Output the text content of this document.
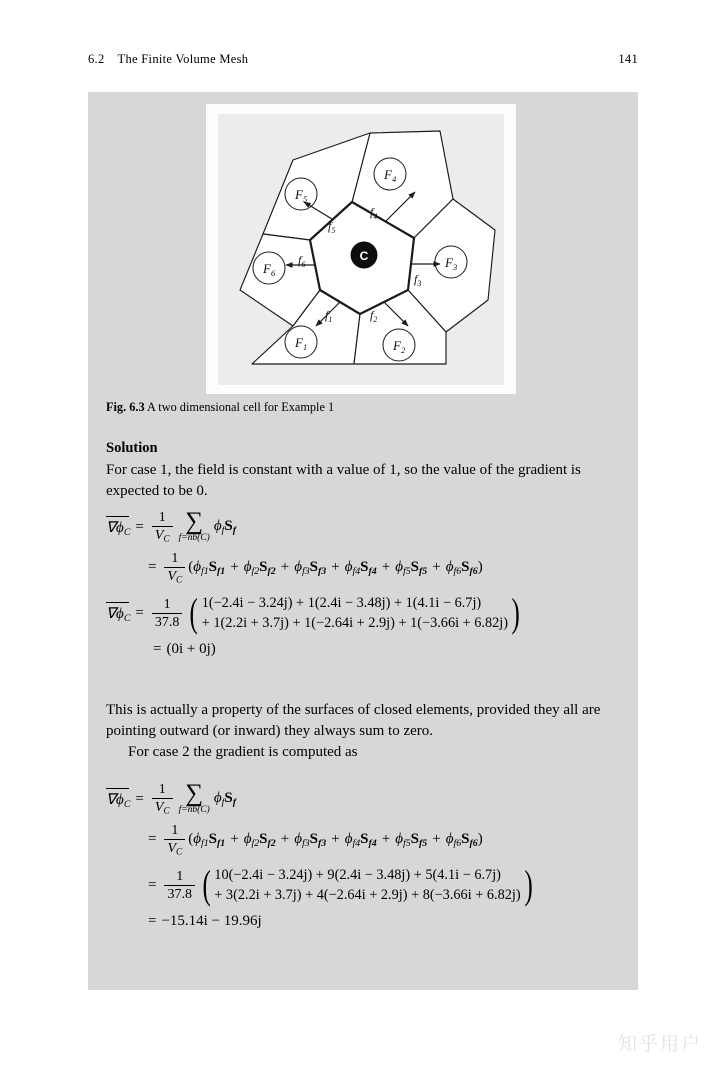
6.2 The Finite Volume Mesh	141
C
$F_1$	$F_2$
$F_3$
$F_4$
$F_5$
$F_6$
$f_1$	$f_2$
$f_3$
$f_4$
$f_5$
$f_6$
Fig. 6.3 A two dimensional cell for Example 1
Solution
For case 1, the field is constant with a value of 1, so the value of the gradient is expected to be 0.
$\nabla\phi_C = \frac{1}{V_C}$ ∑
f=nb(C)
$\phi_f$ $S_f$
= $\frac{1}{V_C}$ ( $\phi_{f1}$ $S_{f1} + \phi_{f2}$ $S_{f2} + \phi_{f3}$ $S_{f3} + \phi_{f4}$ $S_{f4} + \phi_{f5}$ $S_{f5} + \phi_{f6}$ $S_{f6}$ )
$\nabla\phi_C = \frac{1}{37.8}$ ( 1(−2.4i − 3.24j) + 1(2.4i − 3.48j) + 1(4.1i − 6.7j)
+ 1(2.2i + 3.7j) + 1(−2.64i + 2.9j) + 1(−3.66i + 6.82j) )
= (0i + 0j)
This is actually a property of the surfaces of closed elements, provided they all are pointing outward (or inward) they always sum to zero.
For case 2 the gradient is computed as
$\nabla\phi_C = \frac{1}{V_C}$ ∑
f=nb(C)
$\phi_f$ $S_f$
= $\frac{1}{V_C}$ ( $\phi_{f1}$ $S_{f1} + \phi_{f2}$ $S_{f2} + \phi_{f3}$ $S_{f3} + \phi_{f4}$ $S_{f4} + \phi_{f5}$ $S_{f5} + \phi_{f6}$ $S_{f6}$ )
= $\frac{1}{37.8}$ ( 10(−2.4i − 3.24j) + 9(2.4i − 3.48j) + 5(4.1i − 6.7j)
+ 3(2.2i + 3.7j) + 4(−2.64i + 2.9j) + 8(−3.66i + 6.82j) )
= −15.14i − 19.96j
知乎用户
